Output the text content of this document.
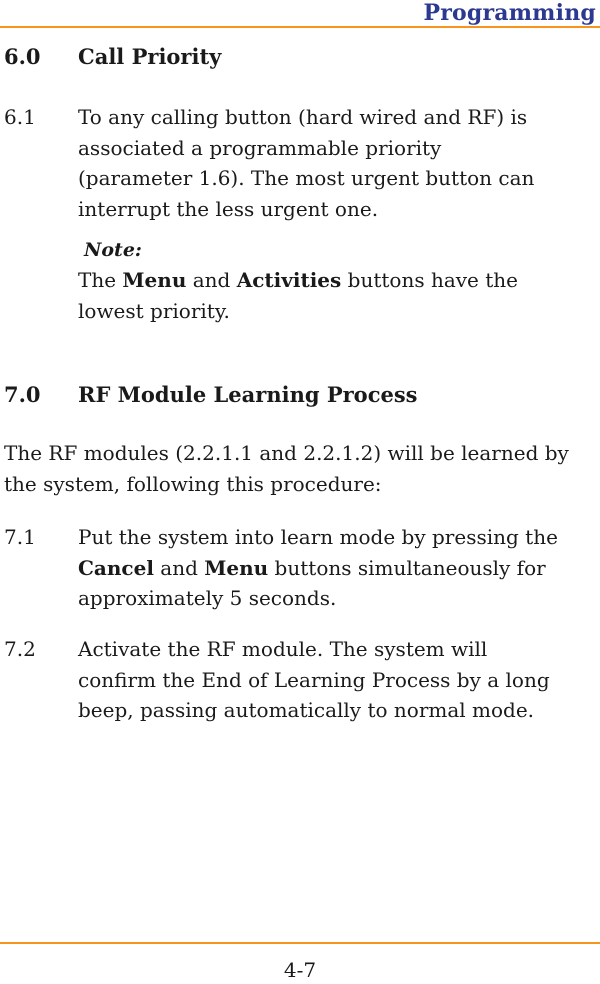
Programming
6.0 Call Priority
6.1 To any calling button (hard wired and RF) is associated a programmable priority (parameter 1.6). The most urgent button can interrupt the less urgent one.
Note:
The Menu and Activities buttons have the lowest priority.
7.0 RF Module Learning Process
The RF modules (2.2.1.1 and 2.2.1.2) will be learned by the system, following this procedure:
7.1 Put the system into learn mode by pressing the Cancel and Menu buttons simultaneously for approximately 5 seconds.
7.2 Activate the RF module. The system will confirm the End of Learning Process by a long beep, passing automatically to normal mode.
4-7
